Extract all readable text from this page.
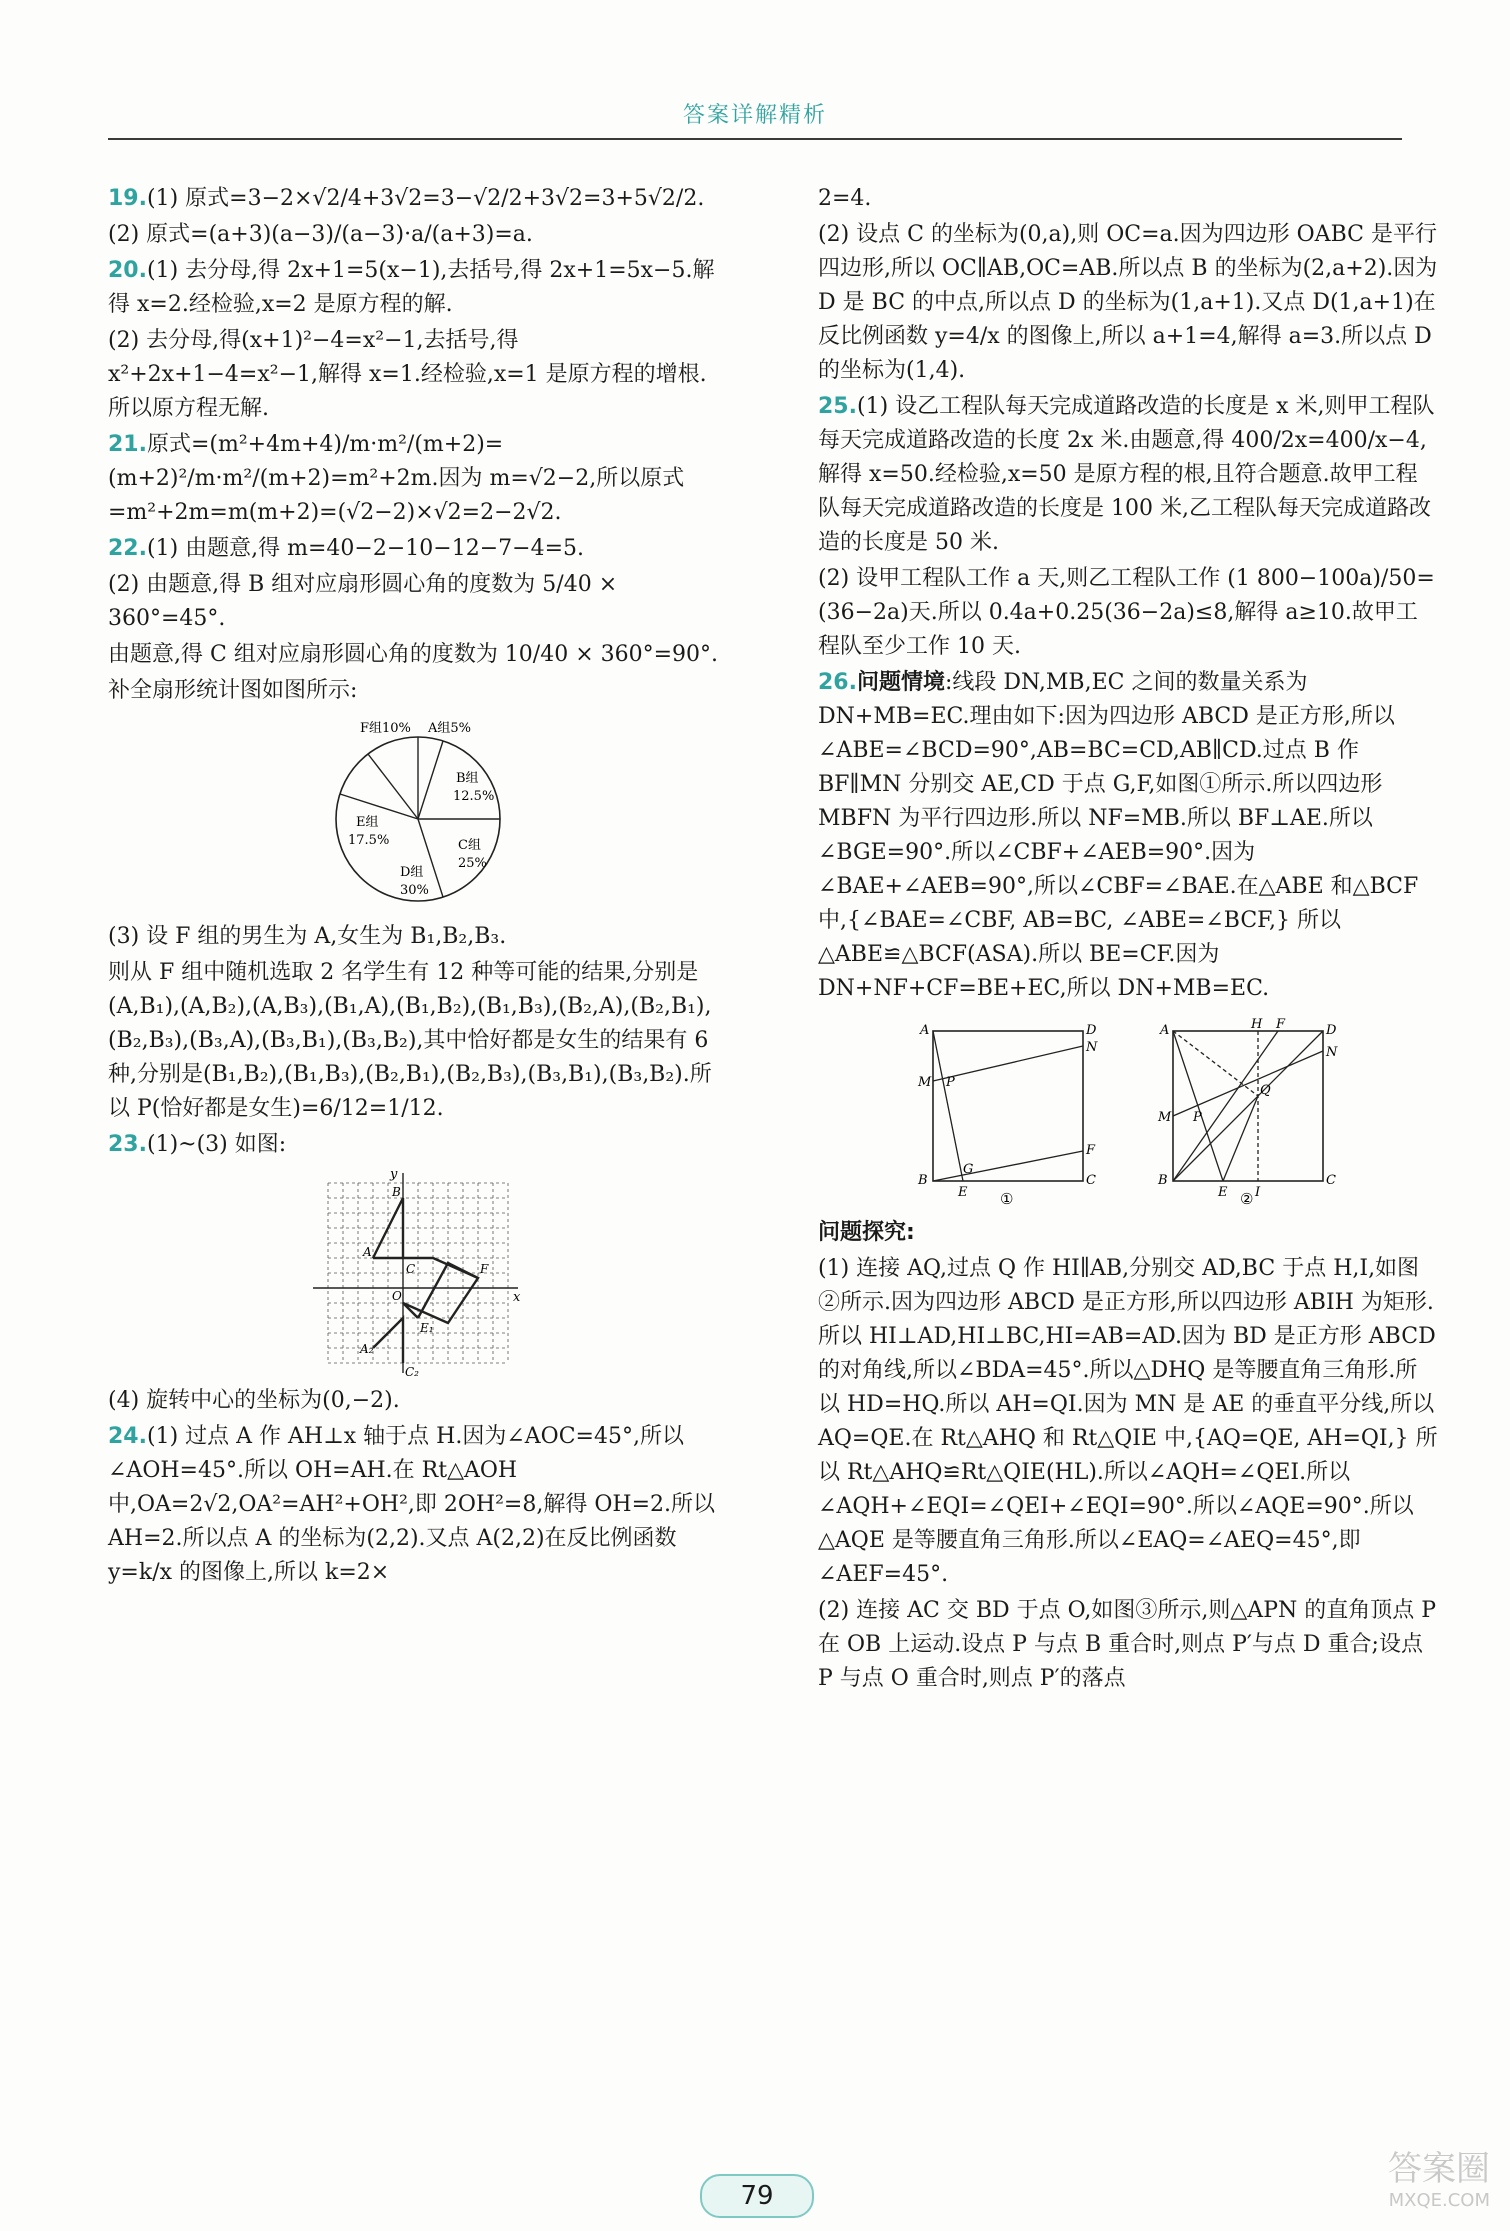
答案详解精析

19.(1) 原式=3−2×√2/4+3√2=3−√2/2+3√2=3+5√2/2.

(2) 原式=(a+3)(a−3)/(a−3)·a/(a+3)=a.

20.(1) 去分母,得 2x+1=5(x−1),去括号,得 2x+1=5x−5.解得 x=2.经检验,x=2 是原方程的解.

(2) 去分母,得(x+1)²−4=x²−1,去括号,得 x²+2x+1−4=x²−1,解得 x=1.经检验,x=1 是原方程的增根.所以原方程无解.

21.原式=(m²+4m+4)/m·m²/(m+2)=(m+2)²/m·m²/(m+2)=m²+2m.因为 m=√2−2,所以原式=m²+2m=m(m+2)=(√2−2)×√2=2−2√2.

22.(1) 由题意,得 m=40−2−10−12−7−4=5.

(2) 由题意,得 B 组对应扇形圆心角的度数为 5/40 × 360°=45°.

由题意,得 C 组对应扇形圆心角的度数为 10/40 × 360°=90°.

补全扇形统计图如图所示:

F组10% A组5%
B组
12.5%
E组
17.5%	C组
25%
D组
30%

(3) 设 F 组的男生为 A,女生为 B₁,B₂,B₃.

则从 F 组中随机选取 2 名学生有 12 种等可能的结果,分别是(A,B₁),(A,B₂),(A,B₃),(B₁,A),(B₁,B₂),(B₁,B₃),(B₂,A),(B₂,B₁),(B₂,B₃),(B₃,A),(B₃,B₁),(B₃,B₂),其中恰好都是女生的结果有 6 种,分别是(B₁,B₂),(B₁,B₃),(B₂,B₁),(B₂,B₃),(B₃,B₁),(B₃,B₂).所以 P(恰好都是女生)=6/12=1/12.

23.(1)~(3) 如图:

x
y
B
A
C
O
F
E₁
A₂
C₂

(4) 旋转中心的坐标为(0,−2).

24.(1) 过点 A 作 AH⊥x 轴于点 H.因为∠AOC=45°,所以∠AOH=45°.所以 OH=AH.在 Rt△AOH 中,OA=2√2,OA²=AH²+OH²,即 2OH²=8,解得 OH=2.所以 AH=2.所以点 A 的坐标为(2,2).又点 A(2,2)在反比例函数 y=k/x 的图像上,所以 k=2×

2=4.

(2) 设点 C 的坐标为(0,a),则 OC=a.因为四边形 OABC 是平行四边形,所以 OC∥AB,OC=AB.所以点 B 的坐标为(2,a+2).因为 D 是 BC 的中点,所以点 D 的坐标为(1,a+1).又点 D(1,a+1)在反比例函数 y=4/x 的图像上,所以 a+1=4,解得 a=3.所以点 D 的坐标为(1,4).

25.(1) 设乙工程队每天完成道路改造的长度是 x 米,则甲工程队每天完成道路改造的长度 2x 米.由题意,得 400/2x=400/x−4,解得 x=50.经检验,x=50 是原方程的根,且符合题意.故甲工程队每天完成道路改造的长度是 100 米,乙工程队每天完成道路改造的长度是 50 米.

(2) 设甲工程队工作 a 天,则乙工程队工作 (1 800−100a)/50=(36−2a)天.所以 0.4a+0.25(36−2a)≤8,解得 a≥10.故甲工程队至少工作 10 天.

26.问题情境:线段 DN,MB,EC 之间的数量关系为 DN+MB=EC.理由如下:因为四边形 ABCD 是正方形,所以∠ABE=∠BCD=90°,AB=BC=CD,AB∥CD.过点 B 作 BF∥MN 分别交 AE,CD 于点 G,F,如图①所示.所以四边形 MBFN 为平行四边形.所以 NF=MB.所以 BF⊥AE.所以∠BGE=90°.所以∠CBF+∠AEB=90°.因为∠BAE+∠AEB=90°,所以∠CBF=∠BAE.在△ABE 和△BCF 中,{∠BAE=∠CBF, AB=BC, ∠ABE=∠BCF,} 所以△ABE≌△BCF(ASA).所以 BE=CF.因为 DN+NF+CF=BE+EC,所以 DN+MB=EC.

A	D
N
M P
F
B
G
E
C
①
A	H F	D
N
Q
M P
B
E I
C
②

问题探究:

(1) 连接 AQ,过点 Q 作 HI∥AB,分别交 AD,BC 于点 H,I,如图②所示.因为四边形 ABCD 是正方形,所以四边形 ABIH 为矩形.所以 HI⊥AD,HI⊥BC,HI=AB=AD.因为 BD 是正方形 ABCD 的对角线,所以∠BDA=45°.所以△DHQ 是等腰直角三角形.所以 HD=HQ.所以 AH=QI.因为 MN 是 AE 的垂直平分线,所以 AQ=QE.在 Rt△AHQ 和 Rt△QIE 中,{AQ=QE, AH=QI,} 所以 Rt△AHQ≌Rt△QIE(HL).所以∠AQH=∠QEI.所以∠AQH+∠EQI=∠QEI+∠EQI=90°.所以∠AQE=90°.所以△AQE 是等腰直角三角形.所以∠EAQ=∠AEQ=45°,即∠AEF=45°.

(2) 连接 AC 交 BD 于点 O,如图③所示,则△APN 的直角顶点 P 在 OB 上运动.设点 P 与点 B 重合时,则点 P′与点 D 重合;设点 P 与点 O 重合时,则点 P′的落点

79
答案圈
MXQE.COM
